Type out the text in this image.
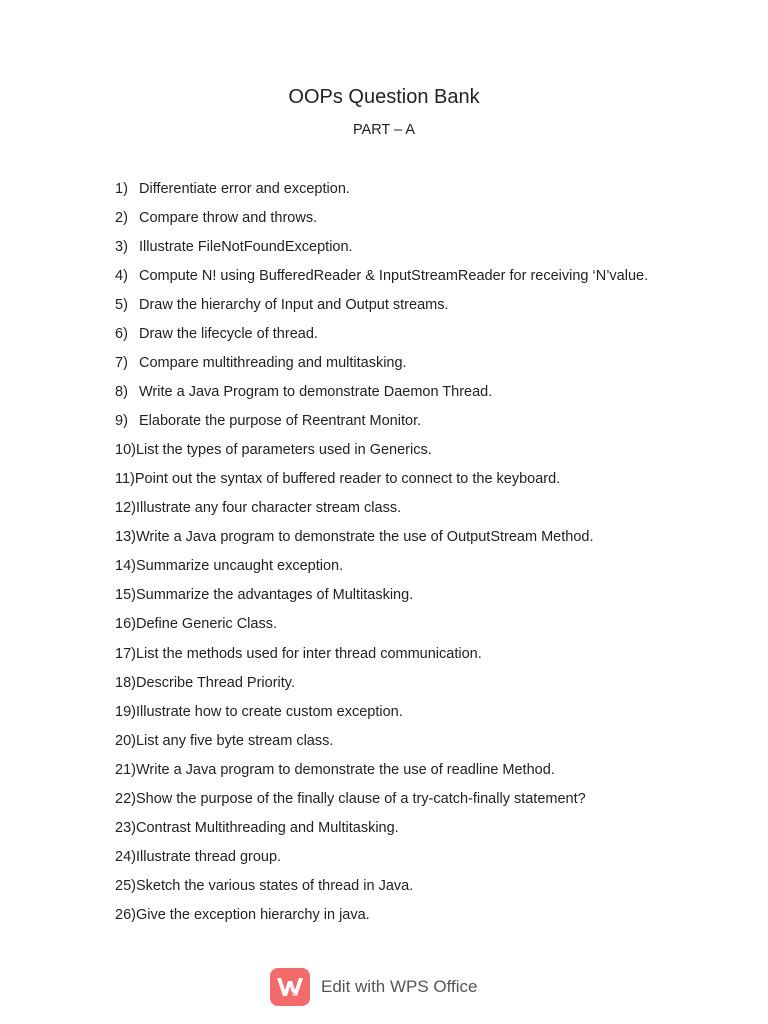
OOPs Question Bank
PART – A
1) Differentiate error and exception.
2) Compare throw and throws.
3) Illustrate FileNotFoundException.
4) Compute N! using BufferedReader & InputStreamReader for receiving ‘N’value.
5) Draw the hierarchy of Input and Output streams.
6) Draw the lifecycle of thread.
7) Compare multithreading and multitasking.
8) Write a Java Program to demonstrate Daemon Thread.
9) Elaborate the purpose of Reentrant Monitor.
10) List the types of parameters used in Generics.
11) Point out the syntax of buffered reader to connect to the keyboard.
12) Illustrate any four character stream class.
13) Write a Java program to demonstrate the use of OutputStream Method.
14) Summarize uncaught exception.
15) Summarize the advantages of Multitasking.
16) Define Generic Class.
17) List the methods used for inter thread communication.
18) Describe Thread Priority.
19) Illustrate how to create custom exception.
20) List any five byte stream class.
21) Write a Java program to demonstrate the use of readline Method.
22) Show the purpose of the finally clause of a try-catch-finally statement?
23) Contrast Multithreading and Multitasking.
24) Illustrate thread group.
25) Sketch the various states of thread in Java.
26) Give the exception hierarchy in java.
Edit with WPS Office
